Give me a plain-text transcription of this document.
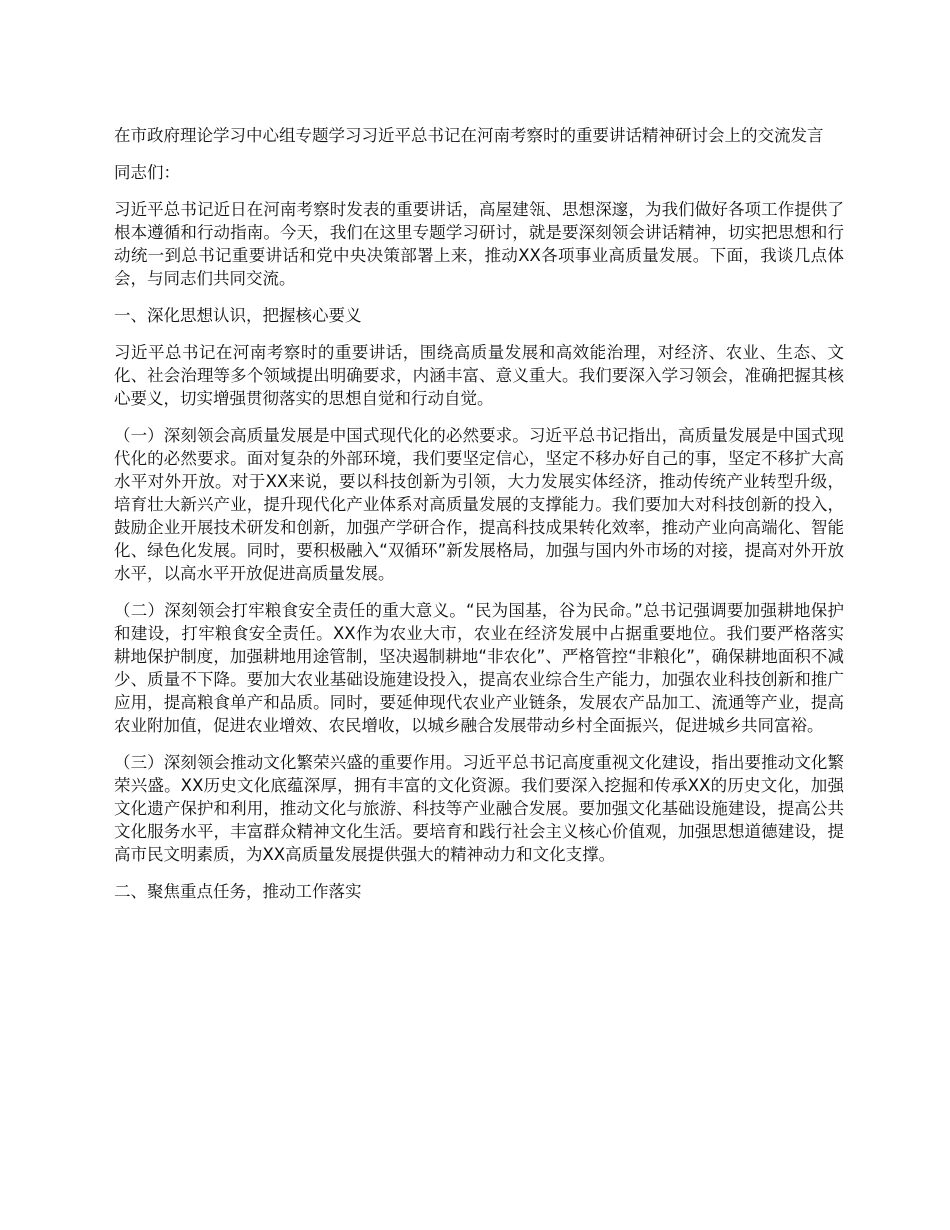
在市政府理论学习中心组专题学习习近平总书记在河南考察时的重要讲话精神研讨会上的交流发言

同志们：

习近平总书记近日在河南考察时发表的重要讲话，高屋建瓴、思想深邃，为我们做好各项工作提供了根本遵循和行动指南。今天，我们在这里专题学习研讨，就是要深刻领会讲话精神，切实把思想和行动统一到总书记重要讲话和党中央决策部署上来，推动XX各项事业高质量发展。下面，我谈几点体会，与同志们共同交流。

一、深化思想认识，把握核心要义

习近平总书记在河南考察时的重要讲话，围绕高质量发展和高效能治理，对经济、农业、生态、文化、社会治理等多个领域提出明确要求，内涵丰富、意义重大。我们要深入学习领会，准确把握其核心要义，切实增强贯彻落实的思想自觉和行动自觉。

（一）深刻领会高质量发展是中国式现代化的必然要求。习近平总书记指出，高质量发展是中国式现代化的必然要求。面对复杂的外部环境，我们要坚定信心，坚定不移办好自己的事，坚定不移扩大高水平对外开放。对于XX来说，要以科技创新为引领，大力发展实体经济，推动传统产业转型升级，培育壮大新兴产业，提升现代化产业体系对高质量发展的支撑能力。我们要加大对科技创新的投入，鼓励企业开展技术研发和创新，加强产学研合作，提高科技成果转化效率，推动产业向高端化、智能化、绿色化发展。同时，要积极融入“双循环”新发展格局，加强与国内外市场的对接，提高对外开放水平，以高水平开放促进高质量发展。

（二）深刻领会打牢粮食安全责任的重大意义。“民为国基，谷为民命。”总书记强调要加强耕地保护和建设，打牢粮食安全责任。XX作为农业大市，农业在经济发展中占据重要地位。我们要严格落实耕地保护制度，加强耕地用途管制，坚决遏制耕地“非农化”、严格管控“非粮化”，确保耕地面积不减少、质量不下降。要加大农业基础设施建设投入，提高农业综合生产能力，加强农业科技创新和推广应用，提高粮食单产和品质。同时，要延伸现代农业产业链条，发展农产品加工、流通等产业，提高农业附加值，促进农业增效、农民增收，以城乡融合发展带动乡村全面振兴，促进城乡共同富裕。

（三）深刻领会推动文化繁荣兴盛的重要作用。习近平总书记高度重视文化建设，指出要推动文化繁荣兴盛。XX历史文化底蕴深厚，拥有丰富的文化资源。我们要深入挖掘和传承XX的历史文化，加强文化遗产保护和利用，推动文化与旅游、科技等产业融合发展。要加强文化基础设施建设，提高公共文化服务水平，丰富群众精神文化生活。要培育和践行社会主义核心价值观，加强思想道德建设，提高市民文明素质，为XX高质量发展提供强大的精神动力和文化支撑。

二、聚焦重点任务，推动工作落实
